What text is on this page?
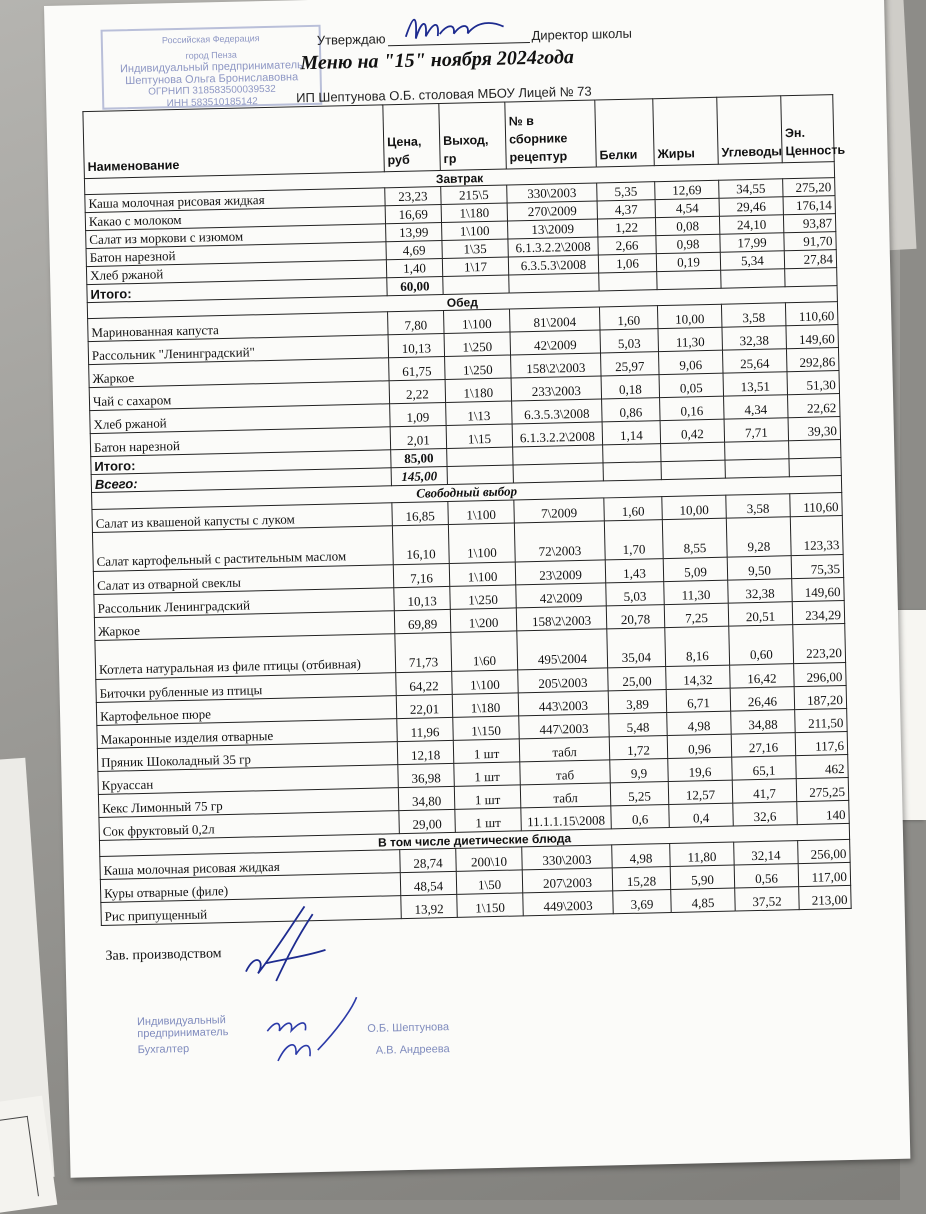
Российская Федерация
город Пенза
Индивидуальный предприниматель
Шептунова Ольга Брониславовна
ОГРНИП 318583500039532
ИНН 583510185142
Утверждаю	Директор школы
Меню на "15" ноября 2024года
ИП Шептунова О.Б. столовая МБОУ Лицей № 73
Наименование	Цена, руб	Выход, гр	№ в сборнике рецептур	Белки	Жиры	Углеводы	Эн. Ценность
Завтрак							
Каша молочная рисовая жидкая	23,23	215\5	330\2003	5,35	12,69	34,55	275,20
Какао с молоком	16,69	1\180	270\2009	4,37	4,54	29,46	176,14
Салат из моркови с изюмом	13,99	1\100	13\2009	1,22	0,08	24,10	93,87
Батон нарезной	4,69	1\35	6.1.3.2.2\2008	2,66	0,98	17,99	91,70
Хлеб ржаной	1,40	1\17	6.3.5.3\2008	1,06	0,19	5,34	27,84
Итого:	60,00						
Обед							
Маринованная капуста	7,80	1\100	81\2004	1,60	10,00	3,58	110,60
Рассольник "Ленинградский"	10,13	1\250	42\2009	5,03	11,30	32,38	149,60
Жаркое	61,75	1\250	158\2\2003	25,97	9,06	25,64	292,86
Чай с сахаром	2,22	1\180	233\2003	0,18	0,05	13,51	51,30
Хлеб ржаной	1,09	1\13	6.3.5.3\2008	0,86	0,16	4,34	22,62
Батон нарезной	2,01	1\15	6.1.3.2.2\2008	1,14	0,42	7,71	39,30
Итого:	85,00						
Всего:	145,00						
Свободный выбор							
Салат из квашеной капусты с луком	16,85	1\100	7\2009	1,60	10,00	3,58	110,60
Салат картофельный с растительным маслом	16,10	1\100	72\2003	1,70	8,55	9,28	123,33
Салат из отварной свеклы	7,16	1\100	23\2009	1,43	5,09	9,50	75,35
Рассольник Ленинградский	10,13	1\250	42\2009	5,03	11,30	32,38	149,60
Жаркое	69,89	1\200	158\2\2003	20,78	7,25	20,51	234,29
Котлета натуральная из филе птицы (отбивная)	71,73	1\60	495\2004	35,04	8,16	0,60	223,20
Биточки рубленные из птицы	64,22	1\100	205\2003	25,00	14,32	16,42	296,00
Картофельное пюре	22,01	1\180	443\2003	3,89	6,71	26,46	187,20
Макаронные изделия отварные	11,96	1\150	447\2003	5,48	4,98	34,88	211,50
Пряник Шоколадный 35 гр	12,18	1 шт	табл	1,72	0,96	27,16	117,6
Круассан	36,98	1 шт	таб	9,9	19,6	65,1	462
Кекс Лимонный 75 гр	34,80	1 шт	табл	5,25	12,57	41,7	275,25
Сок фруктовый 0,2л	29,00	1 шт	11.1.1.15\2008	0,6	0,4	32,6	140
В том числе диетические блюда							
Каша молочная рисовая жидкая	28,74	200\10	330\2003	4,98	11,80	32,14	256,00
Куры отварные (филе)	48,54	1\50	207\2003	15,28	5,90	0,56	117,00
Рис припущенный	13,92	1\150	449\2003	3,69	4,85	37,52	213,00
Зав. производством
Индивидуальный
предприниматель	О.Б. Шептунова
Бухгалтер	А.В. Андреева
